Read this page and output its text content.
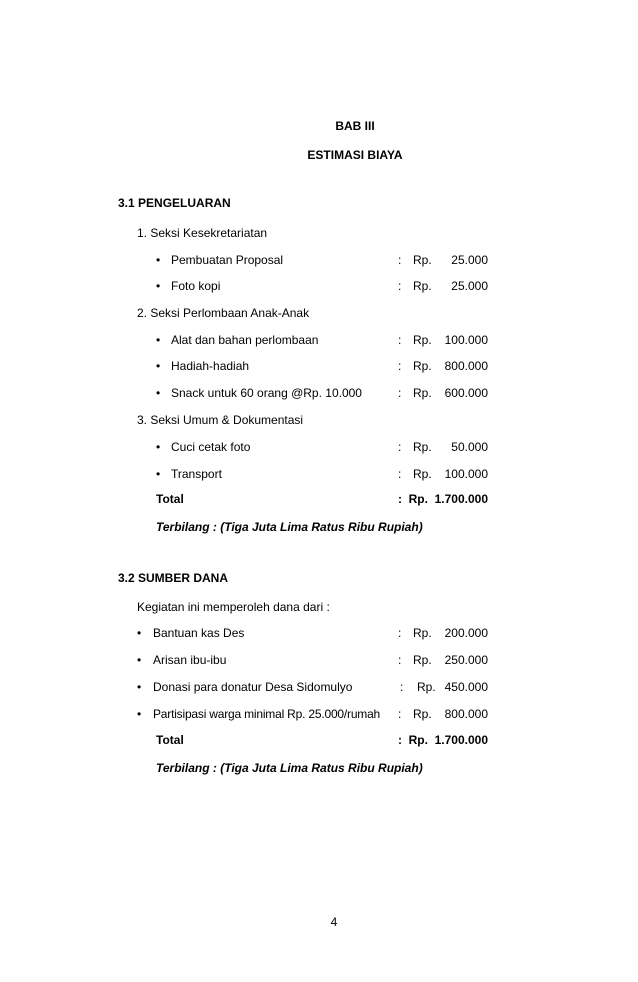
BAB III
ESTIMASI BIAYA
3.1 PENGELUARAN
1. Seksi Kesekretariatan
• Pembuatan Proposal	: Rp. 25.000
• Foto kopi	: Rp. 25.000
2. Seksi Perlombaan Anak-Anak
• Alat dan bahan perlombaan	: Rp. 100.000
• Hadiah-hadiah	: Rp. 800.000
• Snack untuk 60 orang @Rp. 10.000	: Rp. 600.000
3. Seksi Umum & Dokumentasi
• Cuci cetak foto	: Rp. 50.000
• Transport	: Rp. 100.000
Total	: Rp.  1.700.000
Terbilang : (Tiga Juta Lima Ratus Ribu Rupiah)
3.2 SUMBER DANA
Kegiatan ini memperoleh dana dari :
• Bantuan kas Des	: Rp. 200.000
• Arisan ibu-ibu	: Rp. 250.000
• Donasi para donatur Desa Sidomulyo	: Rp. 450.000
• Partisipasi warga minimal Rp. 25.000/rumah : Rp. 800.000
Total	: Rp.  1.700.000
Terbilang : (Tiga Juta Lima Ratus Ribu Rupiah)
4
